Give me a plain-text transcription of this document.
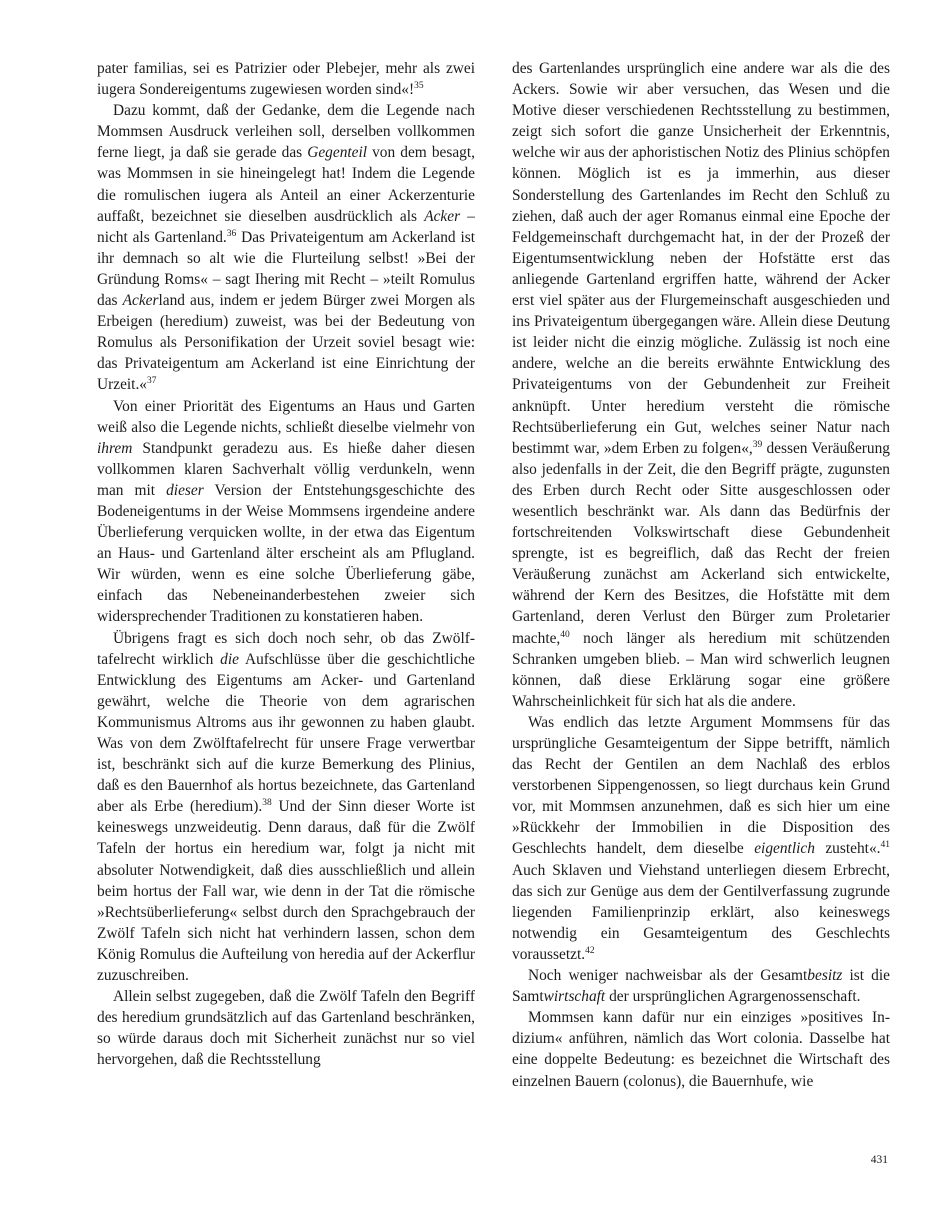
pater familias, sei es Patrizier oder Plebejer, mehr als zwei iugera Sondereigentums zugewiesen worden sind«!$^{35}$

Dazu kommt, daß der Gedanke, dem die Legende nach Mommsen Ausdruck verleihen soll, derselben vollkommen ferne liegt, ja daß sie gerade das Gegenteil von dem besagt, was Mommsen in sie hineingelegt hat! Indem die Legende die romulischen iugera als Anteil an einer Ackerzenturie auffaßt, bezeichnet sie dieselben ausdrücklich als Acker – nicht als Gartenland.$^{36}$ Das Privateigentum am Ackerland ist ihr demnach so alt wie die Flurteilung selbst! »Bei der Gründung Roms« – sagt Ihering mit Recht – »teilt Romulus das Ackerland aus, indem er jedem Bürger zwei Morgen als Erbeigen (heredium) zuweist, was bei der Bedeutung von Romulus als Personifikation der Urzeit soviel besagt wie: das Privateigentum am Ackerland ist eine Einrichtung der Urzeit.«$^{37}$

Von einer Priorität des Eigentums an Haus und Garten weiß also die Legende nichts, schließt dieselbe vielmehr von ihrem Standpunkt geradezu aus. Es hieße daher diesen vollkommen klaren Sachverhalt völlig verdunkeln, wenn man mit dieser Version der Entstehungsgeschichte des Bodeneigentums in der Weise Mommsens irgendeine andere Überlieferung verquicken wollte, in der etwa das Eigentum an Haus- und Gartenland älter erscheint als am Pflugland. Wir würden, wenn es eine solche Überlieferung gäbe, einfach das Nebeneinanderbestehen zweier sich widersprechender Traditionen zu konstatieren haben.

Übrigens fragt es sich doch noch sehr, ob das Zwölftafelrecht wirklich die Aufschlüsse über die geschichtliche Entwicklung des Eigentums am Acker- und Gartenland gewährt, welche die Theorie von dem agrarischen Kommunismus Altroms aus ihr gewonnen zu haben glaubt. Was von dem Zwölftafelrecht für unsere Frage verwertbar ist, beschränkt sich auf die kurze Bemerkung des Plinius, daß es den Bauernhof als hortus bezeichnete, das Gartenland aber als Erbe (heredium).$^{38}$ Und der Sinn dieser Worte ist keineswegs unzweideutig. Denn daraus, daß für die Zwölf Tafeln der hortus ein heredium war, folgt ja nicht mit absoluter Notwendigkeit, daß dies ausschließlich und allein beim hortus der Fall war, wie denn in der Tat die römische »Rechtsüberlieferung« selbst durch den Sprachgebrauch der Zwölf Tafeln sich nicht hat verhindern lassen, schon dem König Romulus die Aufteilung von heredia auf der Ackerflur zuzuschreiben.

Allein selbst zugegeben, daß die Zwölf Tafeln den Begriff des heredium grundsätzlich auf das Gartenland beschränken, so würde daraus doch mit Sicherheit zunächst nur so viel hervorgehen, daß die Rechtsstellung

des Gartenlandes ursprünglich eine andere war als die des Ackers. Sowie wir aber versuchen, das Wesen und die Motive dieser verschiedenen Rechtsstellung zu bestimmen, zeigt sich sofort die ganze Unsicherheit der Erkenntnis, welche wir aus der aphoristischen Notiz des Plinius schöpfen können. Möglich ist es ja immerhin, aus dieser Sonderstellung des Gartenlandes im Recht den Schluß zu ziehen, daß auch der ager Romanus einmal eine Epoche der Feldgemeinschaft durchgemacht hat, in der der Prozeß der Eigentumsentwicklung neben der Hofstätte erst das anliegende Gartenland ergriffen hatte, während der Acker erst viel später aus der Flurgemeinschaft ausgeschieden und ins Privateigentum übergegangen wäre. Allein diese Deutung ist leider nicht die einzig mögliche. Zulässig ist noch eine andere, welche an die bereits erwähnte Entwicklung des Privateigentums von der Gebundenheit zur Freiheit anknüpft. Unter heredium versteht die römische Rechtsüberlieferung ein Gut, welches seiner Natur nach bestimmt war, »dem Erben zu folgen«,$^{39}$ dessen Veräußerung also jedenfalls in der Zeit, die den Begriff prägte, zugunsten des Erben durch Recht oder Sitte ausgeschlossen oder wesentlich beschränkt war. Als dann das Bedürfnis der fortschreitenden Volkswirtschaft diese Gebundenheit sprengte, ist es begreiflich, daß das Recht der freien Veräußerung zunächst am Ackerland sich entwickelte, während der Kern des Besitzes, die Hofstätte mit dem Gartenland, deren Verlust den Bürger zum Proletarier machte,$^{40}$ noch länger als heredium mit schützenden Schranken umgeben blieb. – Man wird schwerlich leugnen können, daß diese Erklärung sogar eine größere Wahrscheinlichkeit für sich hat als die andere.

Was endlich das letzte Argument Mommsens für das ursprüngliche Gesamteigentum der Sippe betrifft, nämlich das Recht der Gentilen an dem Nachlaß des erblos verstorbenen Sippengenossen, so liegt durchaus kein Grund vor, mit Mommsen anzunehmen, daß es sich hier um eine »Rückkehr der Immobilien in die Disposition des Geschlechts handelt, dem dieselbe eigentlich zusteht«.$^{41}$ Auch Sklaven und Viehstand unterliegen diesem Erbrecht, das sich zur Genüge aus dem der Gentilverfassung zugrunde liegenden Familienprinzip erklärt, also keineswegs notwendig ein Gesamteigentum des Geschlechts voraussetzt.$^{42}$

Noch weniger nachweisbar als der Gesamtbesitz ist die Samtwirtschaft der ursprünglichen Agrargenossenschaft.

Mommsen kann dafür nur ein einziges »positives Indizium« anführen, nämlich das Wort colonia. Dasselbe hat eine doppelte Bedeutung: es bezeichnet die Wirtschaft des einzelnen Bauern (colonus), die Bauernhufe, wie

431
